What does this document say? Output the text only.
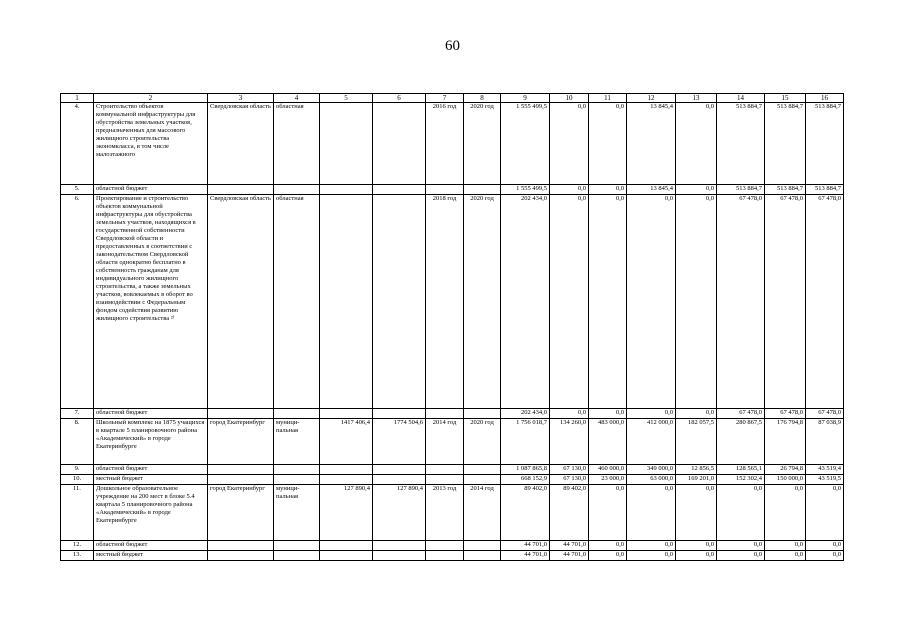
60
1	2	3	4	5	6	7	8	9	10	11	12	13	14	15	16
4.	Строительство объектов коммунальной инфраструктуры для обустройства земельных участков, предназначенных для массового жилищного строительства экономкласса, в том числе малоэтажного	Свердловская область	областная			2016 год	2020 год	1 555 499,5	0,0	0,0	13 845,4	0,0	513 884,7	513 884,7	513 884,7
5.	областной бюджет							1 555 499,5	0,0	0,0	13 845,4	0,0	513 884,7	513 884,7	513 884,7
6.	Проектирование и строительство объектов коммунальной инфраструктуры для обустройства земельных участков, находящихся в государственной собственности Свердловской области и предоставленных в соответствии с законодательством Свердловской области однократно бесплатно в собственность гражданам для индивидуального жилищного строительства, а также земельных участков, вовлекаемых в оборот во взаимодействии с Федеральным фондом содействия развитию жилищного строительства ²⁾	Свердловская область	областная			2018 год	2020 год	202 434,0	0,0	0,0	0,0	0,0	67 478,0	67 478,0	67 478,0
7.	областной бюджет							202 434,0	0,0	0,0	0,0	0,0	67 478,0	67 478,0	67 478,0
8.	Школьный комплекс на 1875 учащихся в квартале 5 планировочного района «Академический» в городе Екатеринбурге	город Екатеринбург	муници-пальная	1417 406,4	1774 504,6	2014 год	2020 год	1 756 018,7	134 260,0	483 000,0	412 000,0	182 057,5	280 867,5	176 794,8	87 038,9
9.	областной бюджет							1 087 865,8	67 130,0	460 000,0	349 000,0	12 856,5	128 565,1	26 794,8	43 519,4
10.	местный бюджет							668 152,9	67 130,0	23 000,0	63 000,0	169 201,0	152 302,4	150 000,0	43 519,5
11.	Дошкольное образовательное учреждение на 200 мест в блоке 5.4 квартала 5 планировочного района «Академический» в городе Екатеринбурге	город Екатеринбург	муници-пальная	127 890,4	127 890,4	2013 год	2014 год	89 402,0	89 402,0	0,0	0,0	0,0	0,0	0,0	0,0
12.	областной бюджет							44 701,0	44 701,0	0,0	0,0	0,0	0,0	0,0	0,0
13.	местный бюджет							44 701,0	44 701,0	0,0	0,0	0,0	0,0	0,0	0,0
